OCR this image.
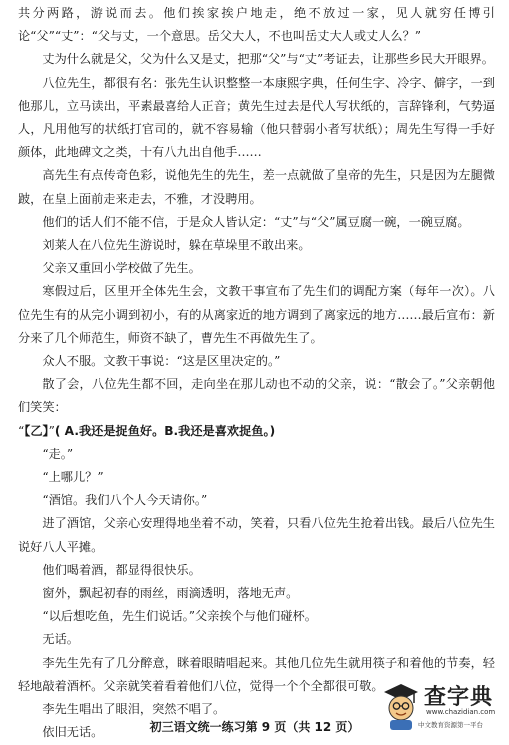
共分两路，游说而去。他们挨家挨户地走，绝不放过一家，见人就穷任博引论“父”“丈”：“父与丈，一个意思。岳父大人，不也叫岳丈大人或丈人么？”

丈为什么就是父，父为什么又是丈，把那“父”与“丈”考证去，让那些乡民大开眼界。

八位先生，都很有名：张先生认识整整一本康熙字典，任何生字、冷字、僻字，一到他那儿，立马读出，平素最喜给人正音；黄先生过去是代人写状纸的，言辞锋利，气势逼人，凡用他写的状纸打官司的，就不容易输（他只替弱小者写状纸）；周先生写得一手好颜体，此地碑文之类，十有八九出自他手……

高先生有点传奇色彩，说他先生的先生，差一点就做了皇帝的先生，只是因为左腿微跛，在皇上面前走来走去，不雅，才没聘用。

他们的话人们不能不信，于是众人皆认定：“丈”与“父”属豆腐一碗，一碗豆腐。

刘莱人在八位先生游说时，躲在草垛里不敢出来。

父亲又重回小学校做了先生。

寒假过后，区里开全体先生会，文教干事宣布了先生们的调配方案（每年一次）。八位先生有的从完小调到初小，有的从离家近的地方调到了离家远的地方……最后宣布：新分来了几个师范生，师资不缺了，曹先生不再做先生了。

众人不服。文教干事说：“这是区里决定的。”

散了会，八位先生都不回，走向坐在那儿动也不动的父亲，说：“散会了。”父亲朝他们笑笑：

“【乙】”( A.我还是捉鱼好。B.我还是喜欢捉鱼。)

“走。”

“上哪儿？”

“酒馆。我们八个人今天请你。”

进了酒馆，父亲心安理得地坐着不动，笑着，只看八位先生抢着出钱。最后八位先生说好八人平摊。

他们喝着酒，都显得很快乐。

窗外，飘起初春的雨丝，雨滴透明，落地无声。

“以后想吃鱼，先生们说话。”父亲挨个与他们碰杯。

无话。

李先生先有了几分醉意，眯着眼睛唱起来。其他几位先生就用筷子和着他的节奏，轻轻地敲着酒杯。父亲就笑着看着他们八位，觉得一个个全都很可敬。

李先生唱出了眼泪，突然不唱了。

依旧无话。	初三语文统一练习第 9 页（共 12 页）
查字典
www.chazidian.com
中文教育资源第一平台
